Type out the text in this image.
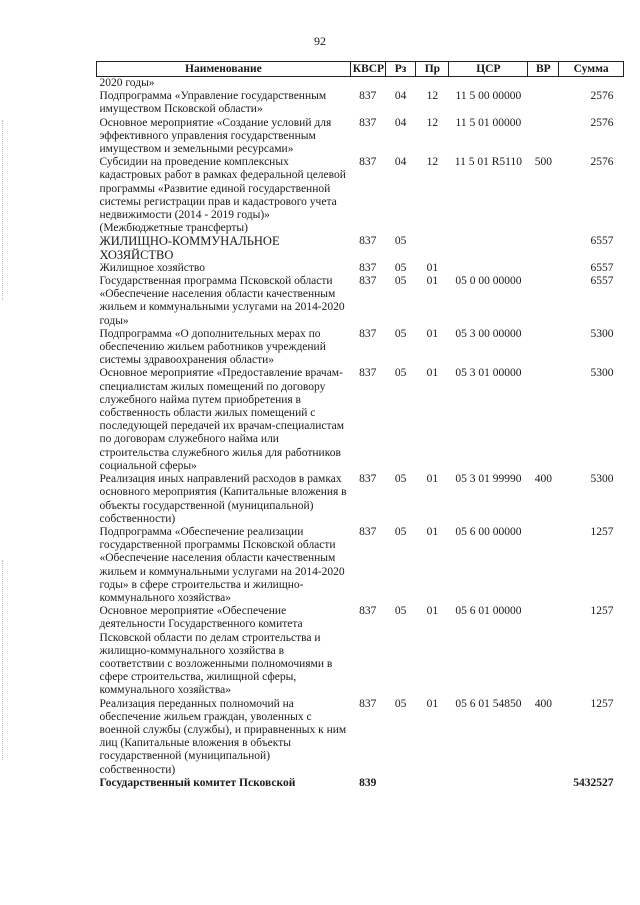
92
Наименование	КВСР	Рз	Пр	ЦСР	ВР	Сумма
2020 годы»						
Подпрограмма «Управление государственным имуществом Псковской области»	837	04	12	11 5 00 00000		2576
Основное мероприятие «Создание условий для эффективного управления государственным имуществом и земельными ресурсами»	837	04	12	11 5 01 00000		2576
Субсидии на проведение комплексных кадастровых работ в рамках федеральной целевой программы «Развитие единой государственной системы регистрации прав и кадастрового учета недвижимости (2014 - 2019 годы)» (Межбюджетные трансферты)	837	04	12	11 5 01 R5110	500	2576
ЖИЛИЩНО-КОММУНАЛЬНОЕ ХОЗЯЙСТВО	837	05				6557
Жилищное хозяйство	837	05	01			6557
Государственная программа Псковской области «Обеспечение населения области качественным жильем и коммунальными услугами на 2014-2020 годы»	837	05	01	05 0 00 00000		6557
Подпрограмма «О дополнительных мерах по обеспечению жильем работников учреждений системы здравоохранения области»	837	05	01	05 3 00 00000		5300
Основное мероприятие «Предоставление врачам-специалистам жилых помещений по договору служебного найма путем приобретения в собственность области жилых помещений с последующей передачей их врачам-специалистам по договорам служебного найма или строительства служебного жилья для работников социальной сферы»	837	05	01	05 3 01 00000		5300
Реализация иных направлений расходов в рамках основного мероприятия (Капитальные вложения в объекты государственной (муниципальной) собственности)	837	05	01	05 3 01 99990	400	5300
Подпрограмма «Обеспечение реализации государственной программы Псковской области «Обеспечение населения области качественным жильем и коммунальными услугами на 2014-2020 годы» в сфере строительства и жилищно-коммунального хозяйства»	837	05	01	05 6 00 00000		1257
Основное мероприятие «Обеспечение деятельности Государственного комитета Псковской области по делам строительства и жилищно-коммунального хозяйства в соответствии с возложенными полномочиями в сфере строительства, жилищной сферы, коммунального хозяйства»	837	05	01	05 6 01 00000		1257
Реализация переданных полномочий на обеспечение жильем граждан, уволенных с военной службы (службы), и приравненных к ним лиц (Капитальные вложения в объекты государственной (муниципальной) собственности)	837	05	01	05 6 01 54850	400	1257
Государственный комитет Псковской	839					5432527
